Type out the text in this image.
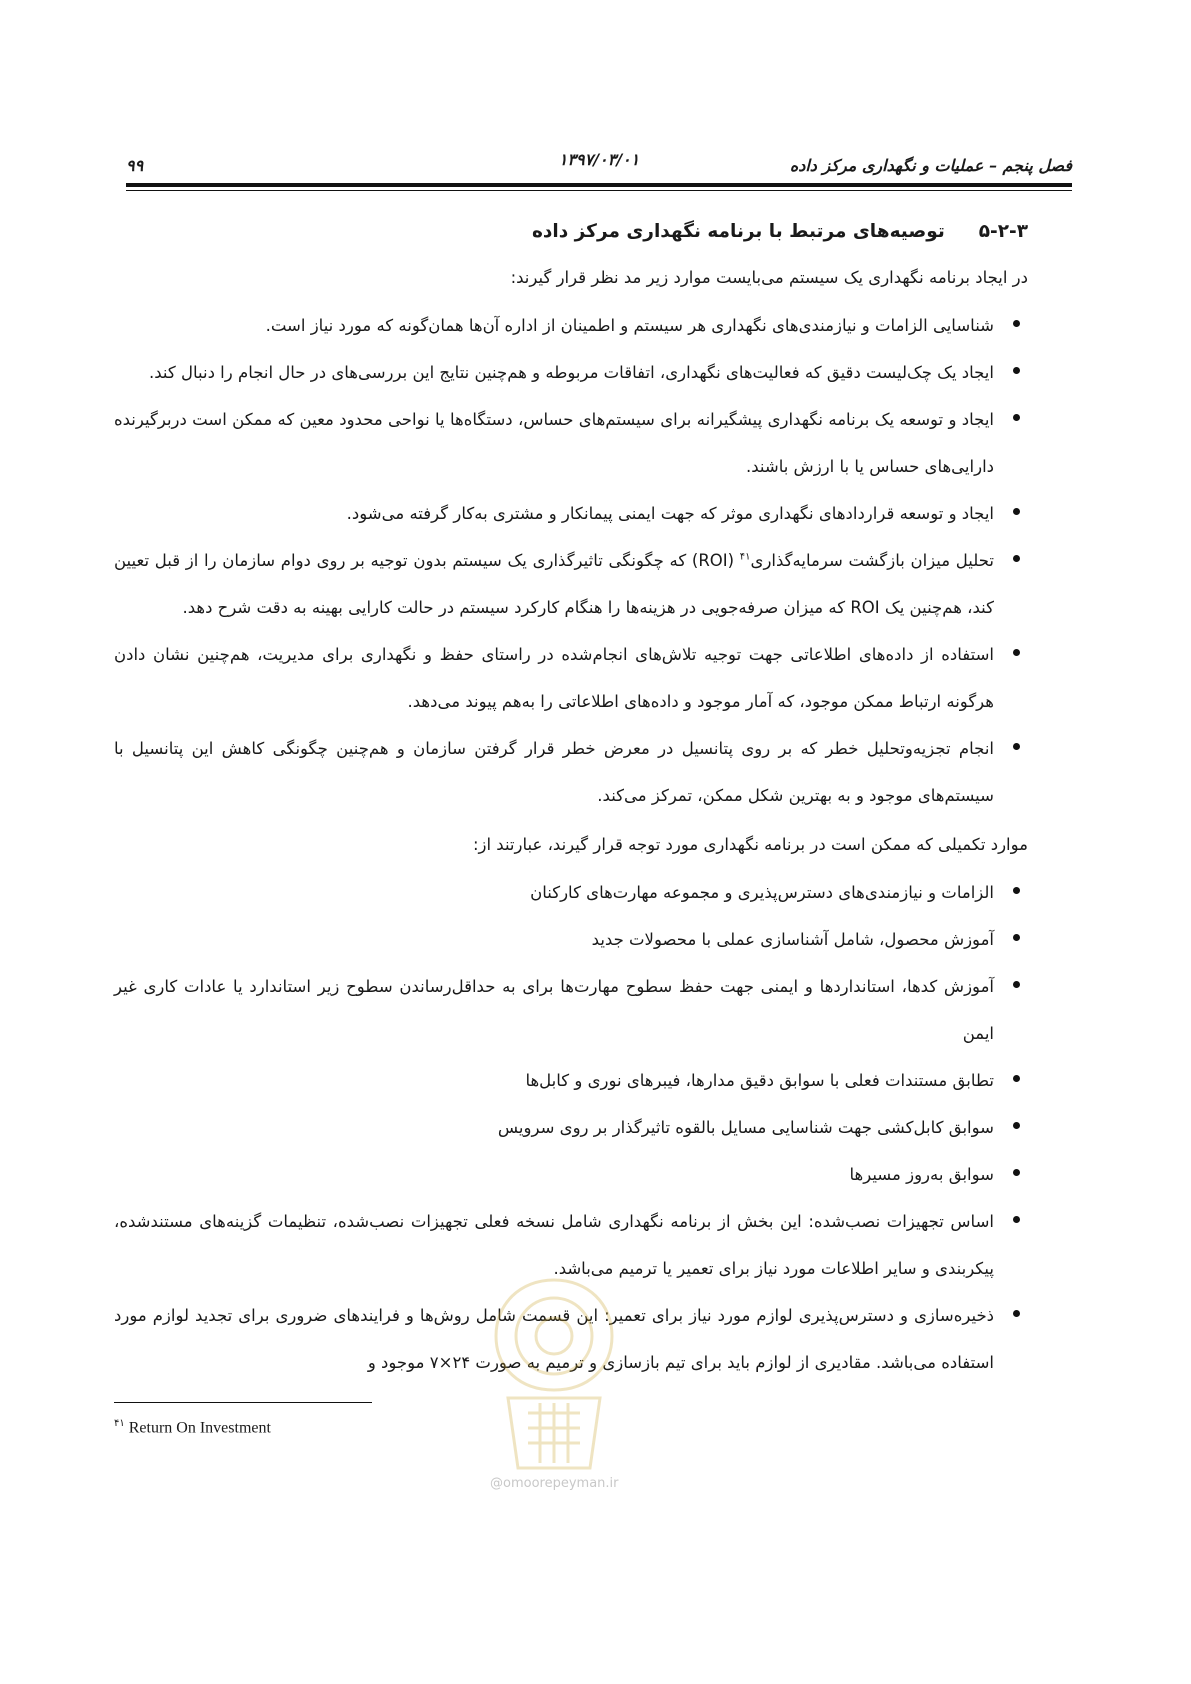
فصل پنجم – عملیات و نگهداری مرکز داده
۱۳۹۷/۰۳/۰۱
۹۹
۵-۲-۳توصیه‌های مرتبط با برنامه نگهداری مرکز داده

در ایجاد برنامه نگهداری یک سیستم می‌بایست موارد زیر مد نظر قرار گیرند:

شناسایی الزامات و نیازمندی‌های نگهداری هر سیستم و اطمینان از اداره آن‌ها همان‌گونه که مورد نیاز است.
ایجاد یک چک‌لیست دقیق که فعالیت‌های نگهداری، اتفاقات مربوطه و هم‌چنین نتایج این بررسی‌های در حال انجام را دنبال کند.
ایجاد و توسعه یک برنامه نگهداری پیشگیرانه برای سیستم‌های حساس، دستگاه‌ها یا نواحی محدود معین که ممکن است دربرگیرنده دارایی‌های حساس یا با ارزش باشند.
ایجاد و توسعه قراردادهای نگهداری موثر که جهت ایمنی پیمانکار و مشتری به‌کار گرفته می‌شود.
تحلیل میزان بازگشت سرمایه‌گذاری$^{۴۱}$ (ROI) که چگونگی تاثیرگذاری یک سیستم بدون توجیه بر روی دوام سازمان را از قبل تعیین کند، هم‌چنین یک ROI که میزان صرفه‌جویی در هزینه‌ها را هنگام کارکرد سیستم در حالت کارایی بهینه به دقت شرح دهد.
استفاده از داده‌های اطلاعاتی جهت توجیه تلاش‌های انجام‌شده در راستای حفظ و نگهداری برای مدیریت، هم‌چنین نشان دادن هرگونه ارتباط ممکن موجود، که آمار موجود و داده‌های اطلاعاتی را به‌هم پیوند می‌دهد.
انجام تجزیه‌وتحلیل خطر که بر روی پتانسیل در معرض خطر قرار گرفتن سازمان و هم‌چنین چگونگی کاهش این پتانسیل با سیستم‌های موجود و به بهترین شکل ممکن، تمرکز می‌کند.

موارد تکمیلی که ممکن است در برنامه نگهداری مورد توجه قرار گیرند، عبارتند از:

الزامات و نیازمندی‌های دسترس‌پذیری و مجموعه مهارت‌های کارکنان
آموزش محصول، شامل آشناسازی عملی با محصولات جدید
آموزش کدها، استانداردها و ایمنی جهت حفظ سطوح مهارت‌ها برای به حداقل‌رساندن سطوح زیر استاندارد یا عادات کاری غیر ایمن
تطابق مستندات فعلی با سوابق دقیق مدارها، فیبرهای نوری و کابل‌ها
سوابق کابل‌کشی جهت شناسایی مسایل بالقوه تاثیرگذار بر روی سرویس
سوابق به‌روز مسیرها
اساس تجهیزات نصب‌شده: این بخش از برنامه نگهداری شامل نسخه فعلی تجهیزات نصب‌شده، تنظیمات گزینه‌های مستندشده، پیکربندی و سایر اطلاعات مورد نیاز برای تعمیر یا ترمیم می‌باشد.
ذخیره‌سازی و دسترس‌پذیری لوازم مورد نیاز برای تعمیر: این قسمت شامل روش‌ها و فرایندهای ضروری برای تجدید لوازم مورد استفاده می‌باشد. مقادیری از لوازم باید برای تیم بازسازی و ترمیم به صورت ۲۴×۷ موجود و
@omoorepeyman.ir
$^{۴۱}$ Return On Investment
